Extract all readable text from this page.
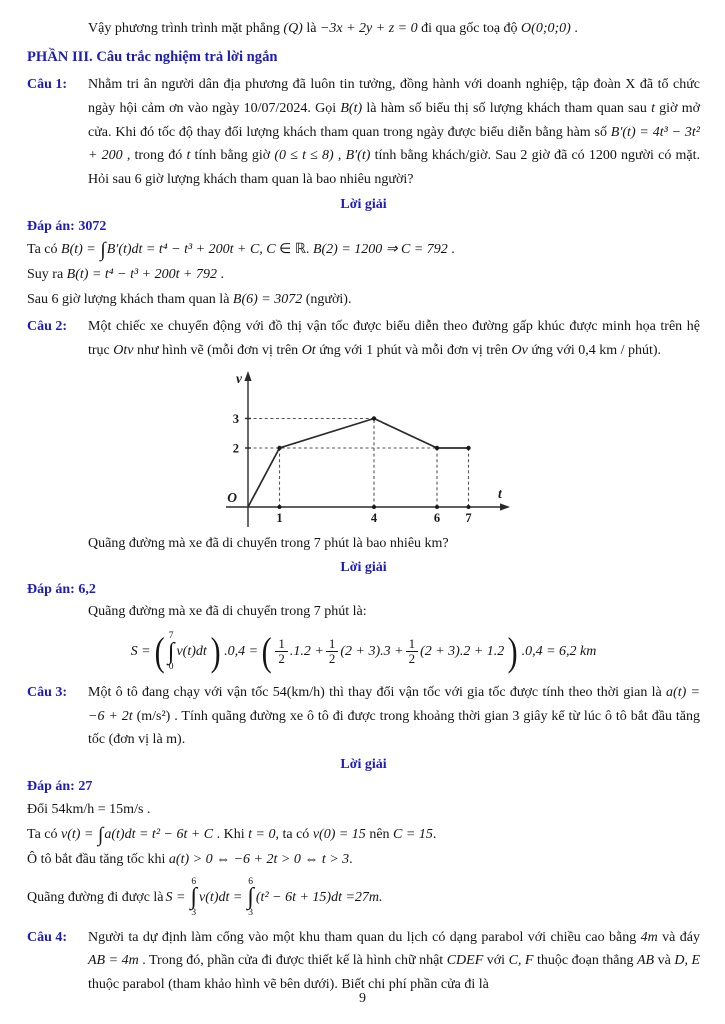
Vậy phương trình trình mặt phẳng (Q) là −3x + 2y + z = 0 đi qua gốc toạ độ O(0;0;0) .
PHẦN III. Câu trắc nghiệm trả lời ngắn
Câu 1:	Nhằm tri ân người dân địa phương đã luôn tin tưởng, đồng hành với doanh nghiệp, tập đoàn X đã tổ chức ngày hội cảm ơn vào ngày 10/07/2024. Gọi B(t) là hàm số biểu thị số lượng khách tham quan sau t giờ mở cửa. Khi đó tốc độ thay đổi lượng khách tham quan trong ngày được biểu diễn bằng hàm số B′(t) = 4t³ − 3t² + 200 , trong đó t tính bằng giờ (0 ≤ t ≤ 8) , B′(t) tính bằng khách/giờ. Sau 2 giờ đã có 1200 người có mặt. Hỏi sau 6 giờ lượng khách tham quan là bao nhiêu người?
Lời giải
Đáp án: 3072
Ta có B(t) = ∫B′(t)dt = t⁴ − t³ + 200t + C, C ∈ ℝ. B(2) = 1200 ⇒ C = 792 .
Suy ra B(t) = t⁴ − t³ + 200t + 792 .
Sau 6 giờ lượng khách tham quan là B(6) = 3072 (người).
Câu 2:	Một chiếc xe chuyển động với đồ thị vận tốc được biểu diễn theo đường gấp khúc được minh họa trên hệ trục Otv như hình vẽ (mỗi đơn vị trên Ot ứng với 1 phút và mỗi đơn vị trên Ov ứng với 0,4 km / phút).
1	4	6 7
2
3
v
t
O
Quãng đường mà xe đã di chuyển trong 7 phút là bao nhiêu km?
Lời giải
Đáp án: 6,2
Quãng đường mà xe đã di chuyển trong 7 phút là:
S = ( 7
∫
0
v(t)dt ) .0,4 = ( $\frac{1}{2} .1.2 + \frac{1}{2} (2 + 3).3 + \frac{1}{2} (2 + 3).2 + 1.2$ ) .0,4 = 6,2 km
Câu 3:	Một ô tô đang chạy với vận tốc 54(km/h) thì thay đổi vận tốc với gia tốc được tính theo thời gian là a(t) = −6 + 2t (m/s²) . Tính quãng đường xe ô tô đi được trong khoảng thời gian 3 giây kể từ lúc ô tô bắt đầu tăng tốc (đơn vị là m).
Lời giải
Đáp án: 27
Đổi 54km/h = 15m/s .
Ta có v(t) = ∫a(t)dt = t² − 6t + C . Khi t = 0, ta có v(0) = 15 nên C = 15.
Ô tô bắt đầu tăng tốc khi a(t) > 0 ⇔ −6 + 2t > 0 ⇔ t > 3.
Quãng đường đi được là S =
6
∫
3
v(t)dt =
6
∫
3
(t² − 6t + 15)dt =27m.
Câu 4:	Người ta dự định làm cổng vào một khu tham quan du lịch có dạng parabol với chiều cao bằng 4m và đáy AB = 4m . Trong đó, phần cửa đi được thiết kế là hình chữ nhật CDEF với C, F thuộc đoạn thẳng AB và D, E thuộc parabol (tham khảo hình vẽ bên dưới). Biết chi phí phần cửa đi là
9
